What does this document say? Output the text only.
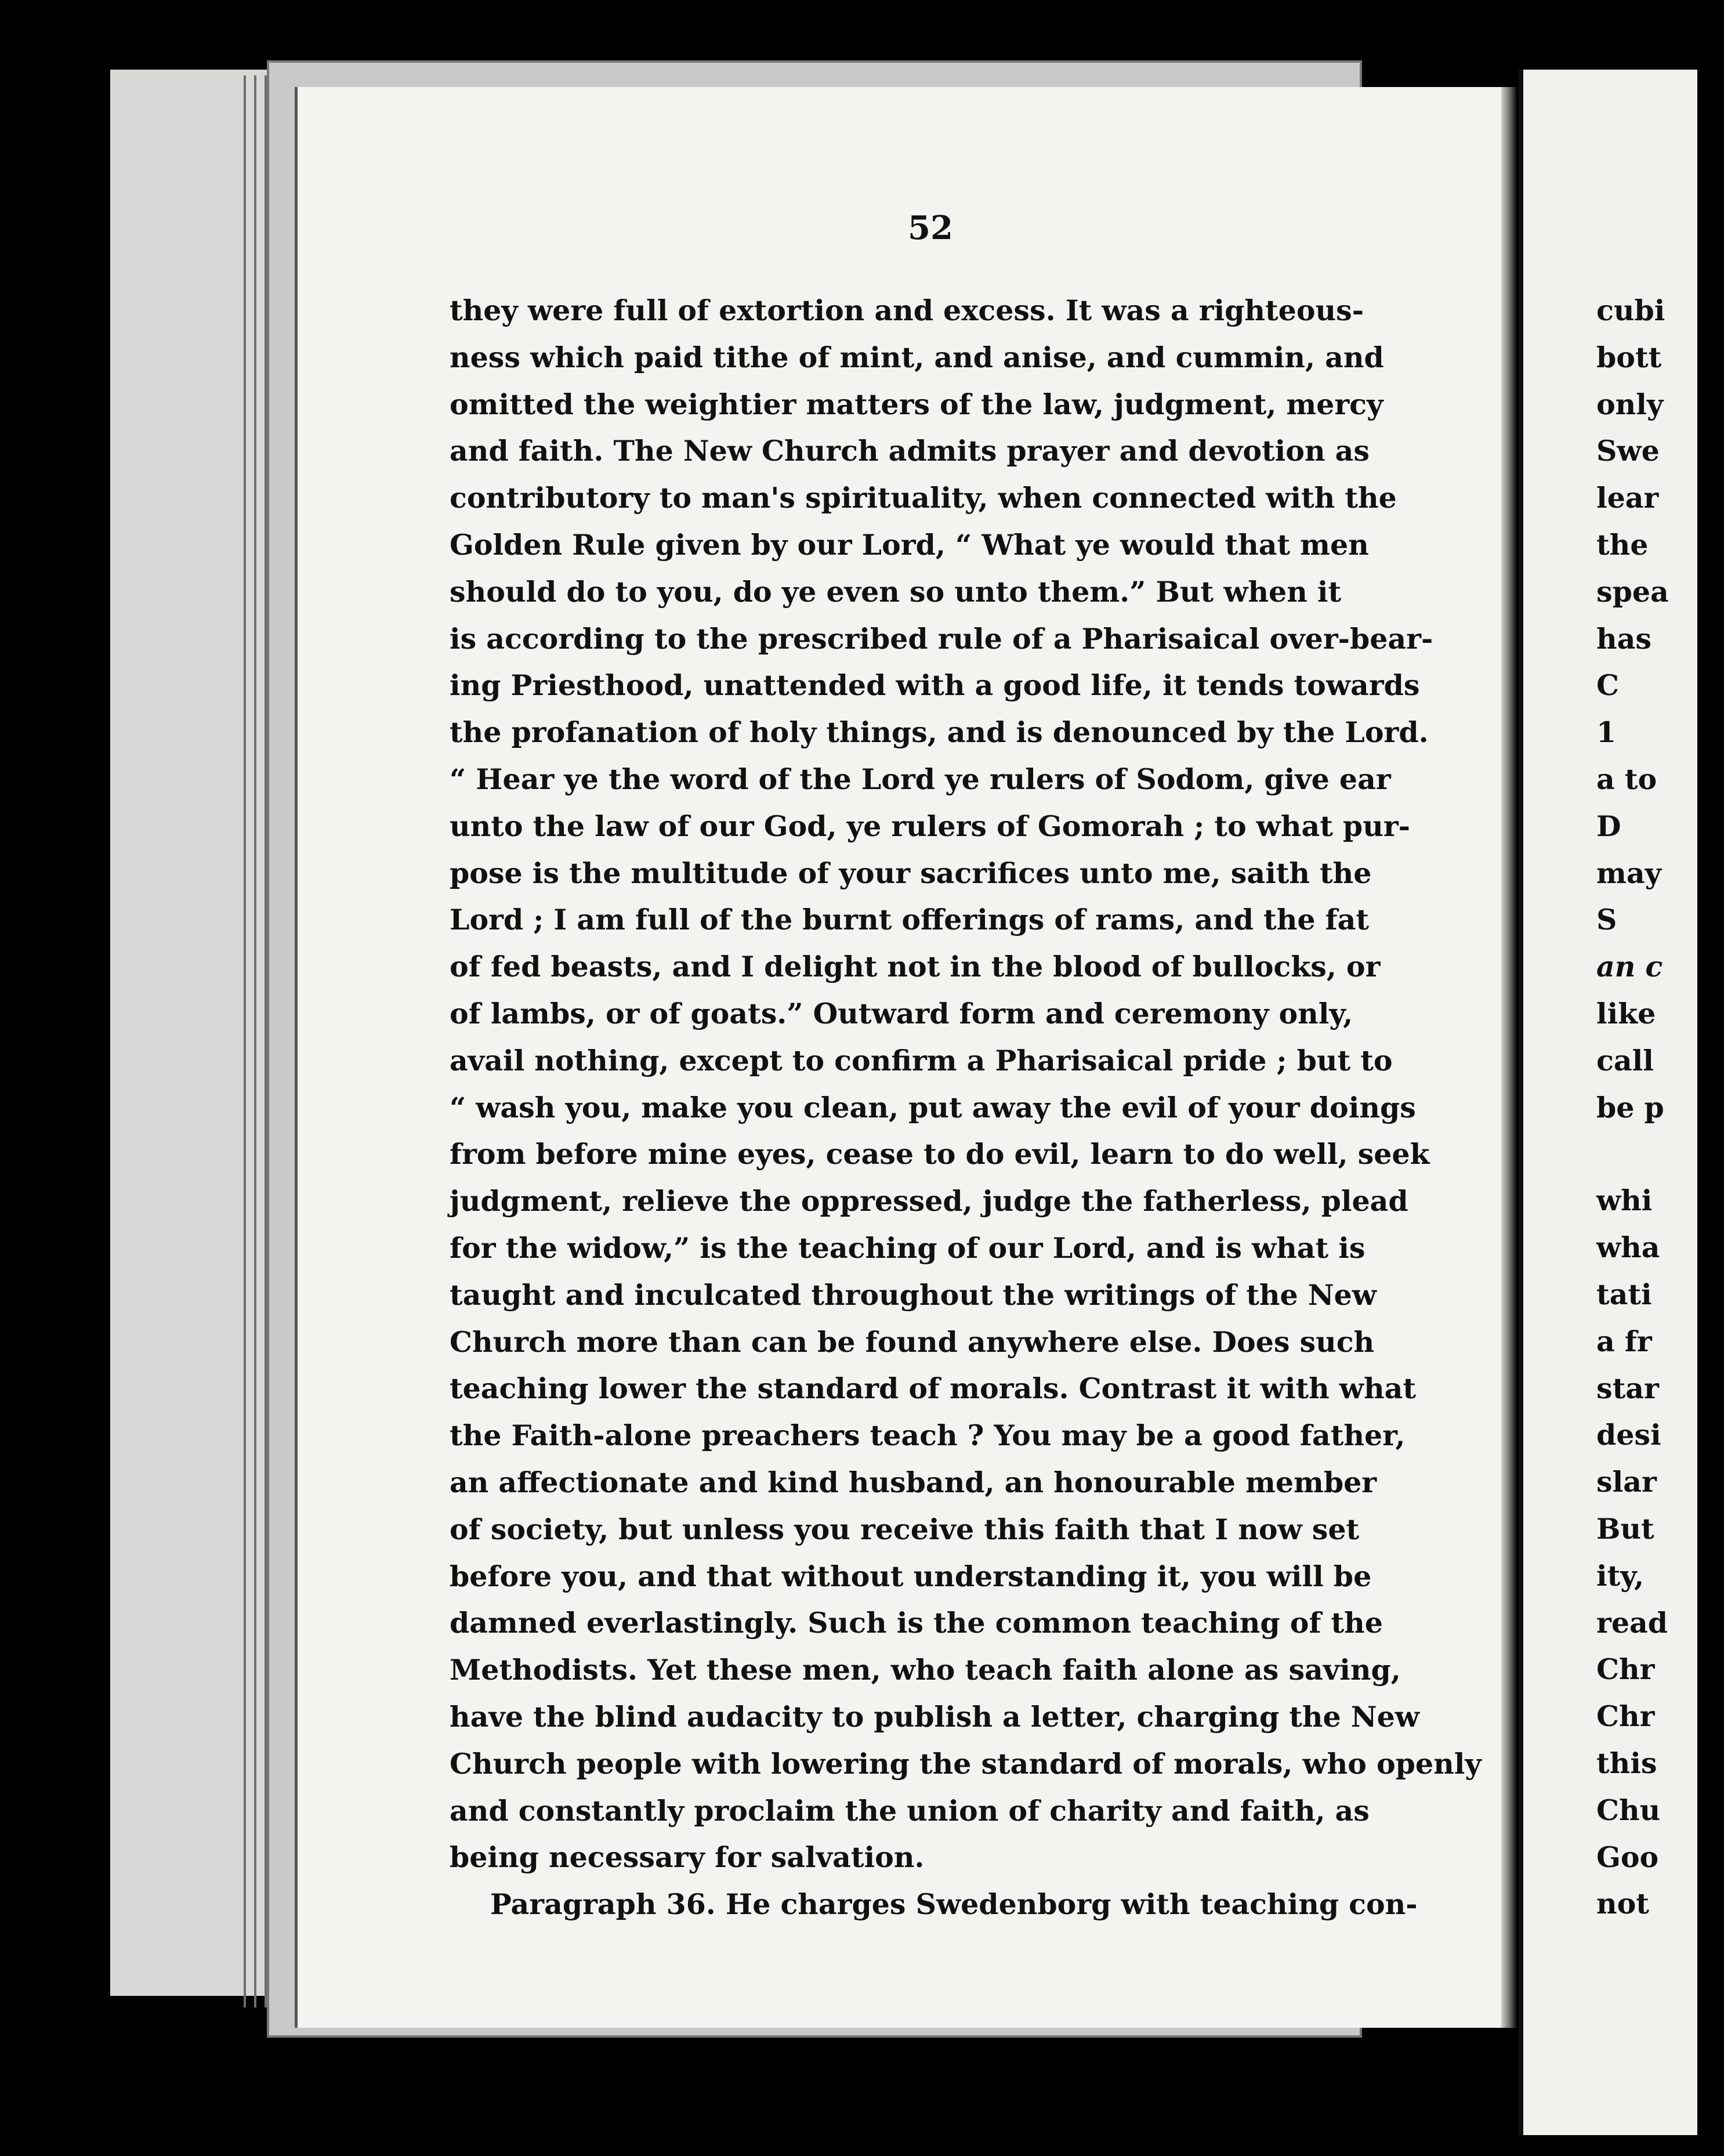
52
they were full of extortion and excess. It was a righteous-
ness which paid tithe of mint, and anise, and cummin, and
omitted the weightier matters of the law, judgment, mercy
and faith. The New Church admits prayer and devotion as
contributory to man's spirituality, when connected with the
Golden Rule given by our Lord, “ What ye would that men
should do to you, do ye even so unto them.” But when it
is according to the prescribed rule of a Pharisaical over-bear-
ing Priesthood, unattended with a good life, it tends towards
the profanation of holy things, and is denounced by the Lord.
“ Hear ye the word of the Lord ye rulers of Sodom, give ear
unto the law of our God, ye rulers of Gomorah ; to what pur-
pose is the multitude of your sacrifices unto me, saith the
Lord ; I am full of the burnt offerings of rams, and the fat
of fed beasts, and I delight not in the blood of bullocks, or
of lambs, or of goats.” Outward form and ceremony only,
avail nothing, except to confirm a Pharisaical pride ; but to
“ wash you, make you clean, put away the evil of your doings
from before mine eyes, cease to do evil, learn to do well, seek
judgment, relieve the oppressed, judge the fatherless, plead
for the widow,” is the teaching of our Lord, and is what is
taught and inculcated throughout the writings of the New
Church more than can be found anywhere else. Does such
teaching lower the standard of morals. Contrast it with what
the Faith-alone preachers teach ? You may be a good father,
an affectionate and kind husband, an honourable member
of society, but unless you receive this faith that I now set
before you, and that without understanding it, you will be
damned everlastingly. Such is the common teaching of the
Methodists. Yet these men, who teach faith alone as saving,
have the blind audacity to publish a letter, charging the New
Church people with lowering the standard of morals, who openly
and constantly proclaim the union of charity and faith, as
being necessary for salvation.
Paragraph 36. He charges Swedenborg with teaching con-
cubi
bott
only
Swe
lear
the
spea
has
C
1
a to
D
may
S
an c
like
call
be p
whi
wha
tati
a fr
star
desi
slar
But
ity,
read
Chr
Chr
this
Chu
Goo
not
